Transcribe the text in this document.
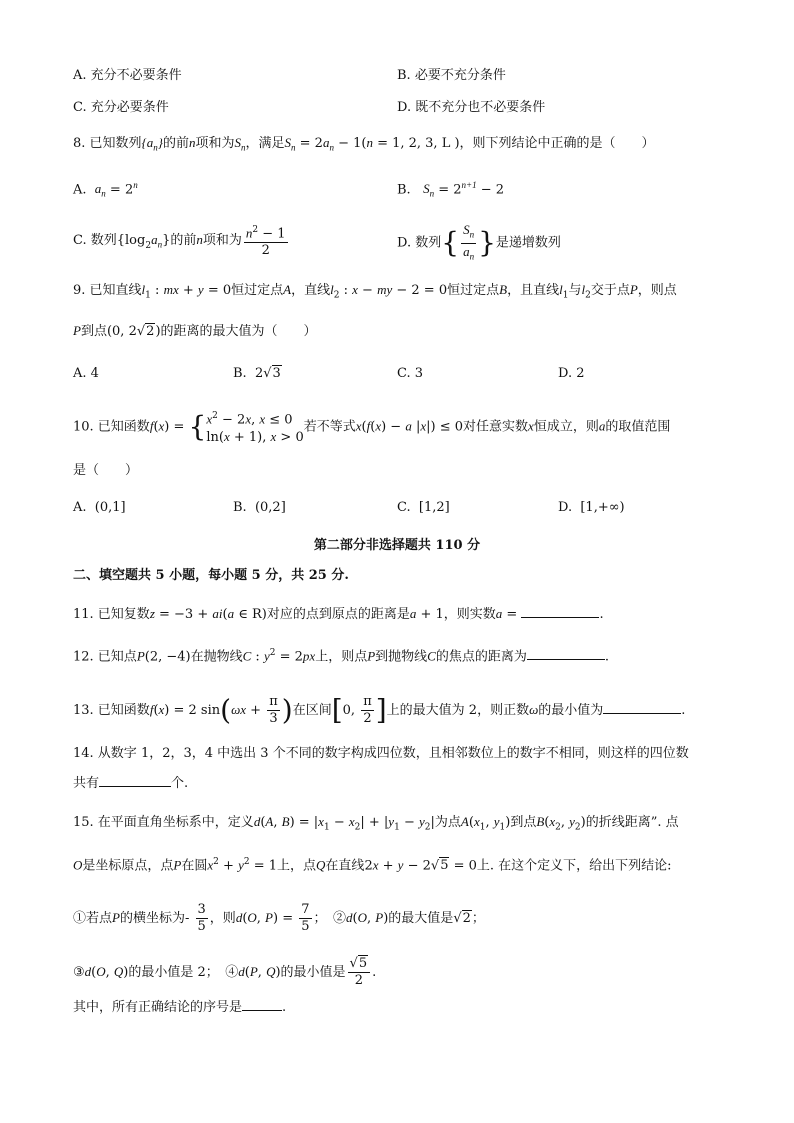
A. 充分不必要条件	B. 必要不充分条件
C. 充分必要条件	D. 既不充分也不必要条件
8. 已知数列$\{a_n\}$的前n项和为$S_n$，满足$S_n = 2a_n - 1(n = 1$, 2, 3, L )，则下列结论中正确的是（　　）
A. $a_n = 2^n$	B. $S_n = 2^{n+1} - 2$
C. 数列$\{\log_2a_n\}$的前n项和为 $\frac{n^2 - 1}{2}$	D. 数列{ $\frac{S_n}{a_n}$ }是递增数列
9. 已知直线$l_1$ : mx + y = 0恒过定点A，直线$l_2$ : x − my − 2 = 0恒过定点B，且直线$l_1$与$l_2$交于点P，则点
P到点(0, 2√2)的距离的最大值为（　　）
A. 4	B.  2√3	C. 3	D. 2
10. 已知函数f(x) = { $x^2 - 2x$, x ≤ 0
ln(x + 1), x > 0
若不等式x(f(x) − a |x|) ≤ 0对任意实数x恒成立，则a的取值范围
是（　　）
A. (0,1]	B. (0,2]	C. [1,2]	D. [1,+∞)
第二部分非选择题共 110 分
二、填空题共 5 小题，每小题 5 分，共 25 分.
11. 已知复数z = −3 + ai(a ∈ R)对应的点到原点的距离是a + 1，则实数a =	.
12. 已知点P(2, −4)在抛物线C : $y^2 = 2px$上，则点P到抛物线C的焦点的距离为	.
13. 已知函数f(x) = 2 $\sin(\omega x + \frac{\pi}{3}$ )在区间[0, $\frac{\pi}{2}$ ]上的最大值为 2，则正数ω的最小值为	.
14. 从数字 1，2，3，4 中选出 3 个不同的数字构成四位数，且相邻数位上的数字不相同，则这样的四位数
共有	个.
15. 在平面直角坐标系中，定义d(A, $B) = |x_1 - x_2| + |y_1 - y_2|$为点$A(x_1$, $y_1$)到点$B(x_2$, $y_2$)的折线距离”. 点
O是坐标原点，点P在圆$x^2 + y^2 = 1$上，点Q在直线2x + y − 2√5 = 0上. 在这个定义下，给出下列结论:
①若点P的横坐标为- $\frac{3}{5}$ ，则d(O, $P) = \frac{7}{5}$ ；　②d(O, P)的最大值是√2；
③d(O, Q)的最小值是 2；　④d(P, Q)的最小值是 $\frac{√5}{2}$ .
其中，所有正确结论的序号是	.
